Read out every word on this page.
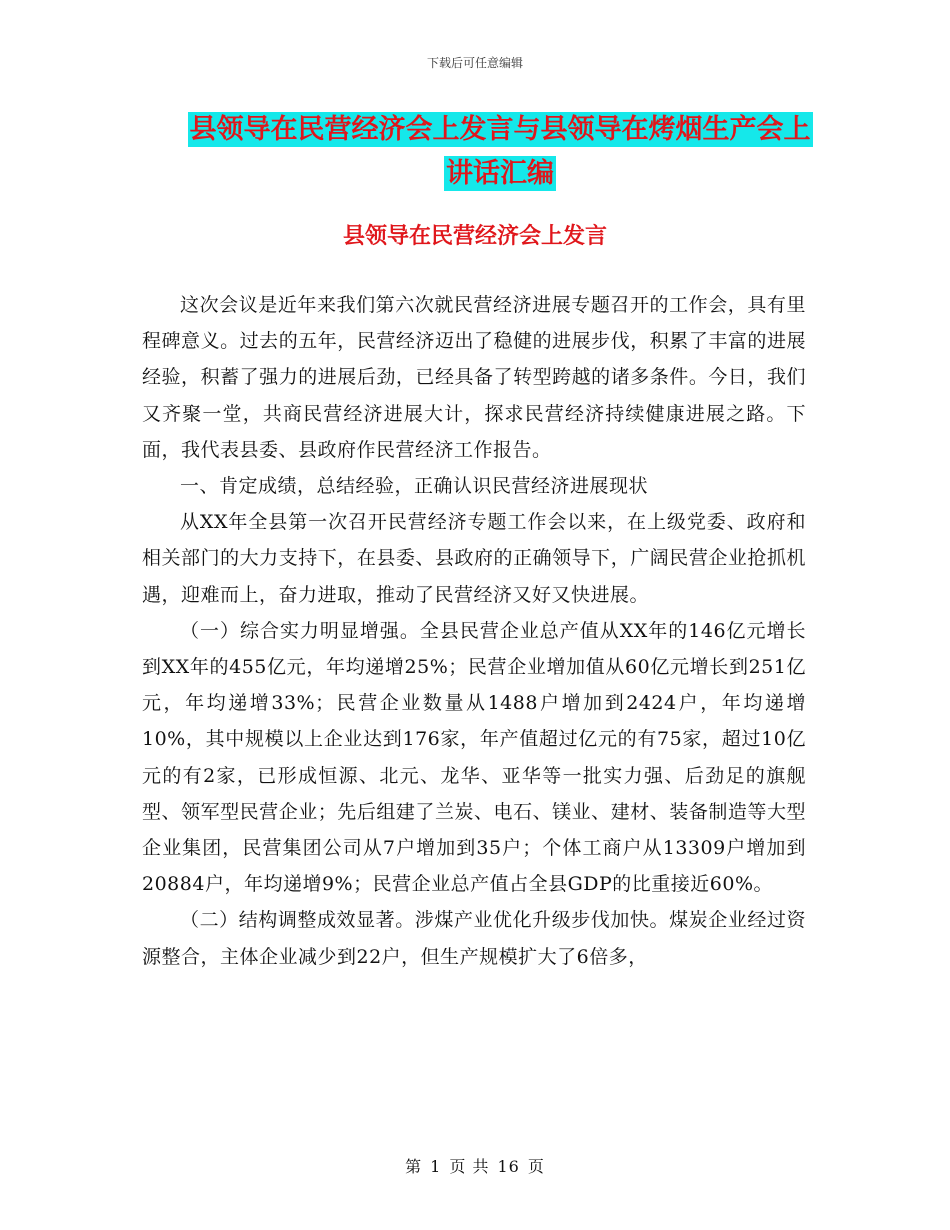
下载后可任意编辑
县领导在民营经济会上发言与县领导在烤烟生产会上
讲话汇编
县领导在民营经济会上发言

这次会议是近年来我们第六次就民营经济进展专题召开的工作会，具有里程碑意义。过去的五年，民营经济迈出了稳健的进展步伐，积累了丰富的进展经验，积蓄了强力的进展后劲，已经具备了转型跨越的诸多条件。今日，我们又齐聚一堂，共商民营经济进展大计，探求民营经济持续健康进展之路。下面，我代表县委、县政府作民营经济工作报告。

一、肯定成绩，总结经验，正确认识民营经济进展现状

从XX年全县第一次召开民营经济专题工作会以来，在上级党委、政府和相关部门的大力支持下，在县委、县政府的正确领导下，广阔民营企业抢抓机遇，迎难而上，奋力进取，推动了民营经济又好又快进展。

（一）综合实力明显增强。全县民营企业总产值从XX年的146亿元增长到XX年的455亿元，年均递增25%；民营企业增加值从60亿元增长到251亿元，年均递增33%；民营企业数量从1488户增加到2424户，年均递增10%，其中规模以上企业达到176家，年产值超过亿元的有75家，超过10亿元的有2家，已形成恒源、北元、龙华、亚华等一批实力强、后劲足的旗舰型、领军型民营企业；先后组建了兰炭、电石、镁业、建材、装备制造等大型企业集团，民营集团公司从7户增加到35户；个体工商户从13309户增加到20884户，年均递增9%；民营企业总产值占全县GDP的比重接近60%。

（二）结构调整成效显著。涉煤产业优化升级步伐加快。煤炭企业经过资源整合，主体企业减少到22户，但生产规模扩大了6倍多，

第 1 页 共 16 页
